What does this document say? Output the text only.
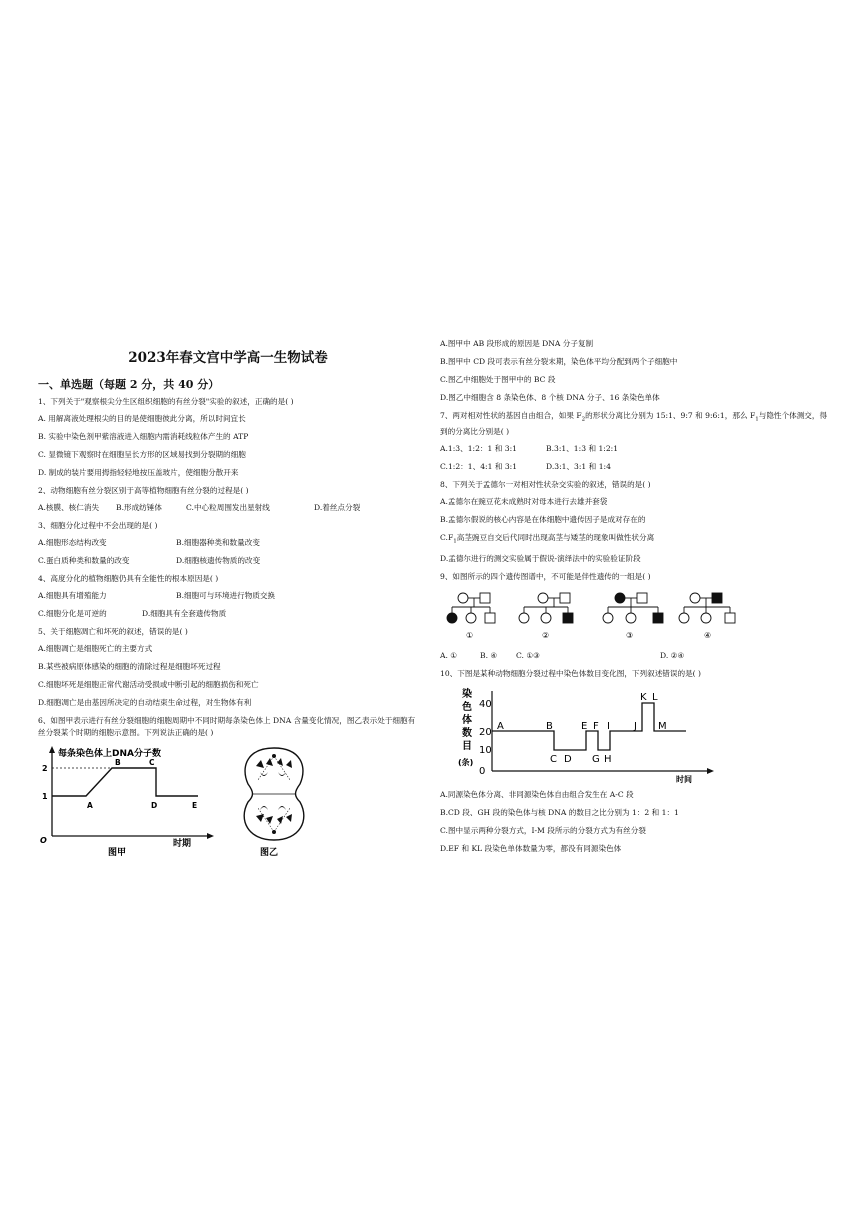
2023年春文宫中学高一生物试卷
一、单选题（每题 2 分，共 40 分）
1、下列关于"观察根尖分生区组织细胞的有丝分裂"实验的叙述，正确的是( )
A. 用解离液处理根尖的目的是使细胞彼此分离，所以时间宜长
B. 实验中染色剂甲紫溶液进入细胞内需消耗线粒体产生的 ATP
C. 显微镜下观察时在细胞呈长方形的区域易找到分裂期的细胞
D. 制成的装片要用拇指轻轻地按压盖玻片，使细胞分散开来
2、动物细胞有丝分裂区别于高等植物细胞有丝分裂的过程是( )
A.核膜、核仁消失	B.形成纺锤体	C.中心粒周围发出星射线	D.着丝点分裂
3、细胞分化过程中不会出现的是( )
A.细胞形态结构改变	B.细胞器种类和数量改变
C.蛋白质种类和数量的改变	D.细胞核遗传物质的改变
4、高度分化的植物细胞仍具有全能性的根本原因是( )
A.细胞具有增殖能力	B.细胞可与环境进行物质交换
C.细胞分化是可逆的	D.细胞具有全套遗传物质
5、关于细胞凋亡和坏死的叙述，错误的是( )
A.细胞凋亡是细胞死亡的主要方式
B.某些被病原体感染的细胞的清除过程是细胞坏死过程
C.细胞坏死是细胞正常代谢活动受损或中断引起的细胞损伤和死亡
D.细胞凋亡是由基因所决定的自动结束生命过程，对生物体有利
6、如图甲表示进行有丝分裂细胞的细胞周期中不同时期每条染色体上 DNA 含量变化情况，图乙表示处于细胞有丝分裂某个时期的细胞示意图。下列说法正确的是( )
每条染色体上DNA分子数
2
1
O
A
B	C
D	E
时期
图甲	图乙
A.图甲中 AB 段形成的原因是 DNA 分子复制
B.图甲中 CD 段可表示有丝分裂末期，染色体平均分配到两个子细胞中
C.图乙中细胞处于图甲中的 BC 段
D.图乙中细胞含 8 条染色体、8 个核 DNA 分子、16 条染色单体
7、两对相对性状的基因自由组合，如果 $F_2$的形状分离比分别为 15:1、9:7 和 9:6:1，那么 $F_1$与隐性个体测交，得到的分离比分别是( )
A.1:3、1:2：1 和 3:1	B.3:1、1:3 和 1:2:1
C.1:2：1、4:1 和 3:1	D.3:1、3:1 和 1:4
8、下列关于孟德尔一对相对性状杂交实验的叙述，错误的是( )
A.孟德尔在豌豆花未成熟时对母本进行去雄并套袋
B.孟德尔假说的核心内容是在体细胞中遗传因子是成对存在的
$C.F_1$高茎豌豆自交后代同时出现高茎与矮茎的现象叫做性状分离
D.孟德尔进行的测交实验属于假说-演绎法中的实验验证阶段
9、如图所示的四个遗传图谱中，不可能是伴性遗传的一组是( )
①	②	③	④
A. ①	B. ④	C. ①③	D. ②④
10、下图是某种动物细胞分裂过程中染色体数目变化图，下列叙述错误的是( )
染
色
体
数
目
(条)
40
20
10
0
A	B
C D
E F
G H
I J
K L
M
时间
A.同源染色体分离、非同源染色体自由组合发生在 A-C 段
B.CD 段、GH 段的染色体与核 DNA 的数目之比分别为 1：2 和 1：1
C.图中显示两种分裂方式，I-M 段所示的分裂方式为有丝分裂
D.EF 和 KL 段染色单体数量为零，都没有同源染色体
